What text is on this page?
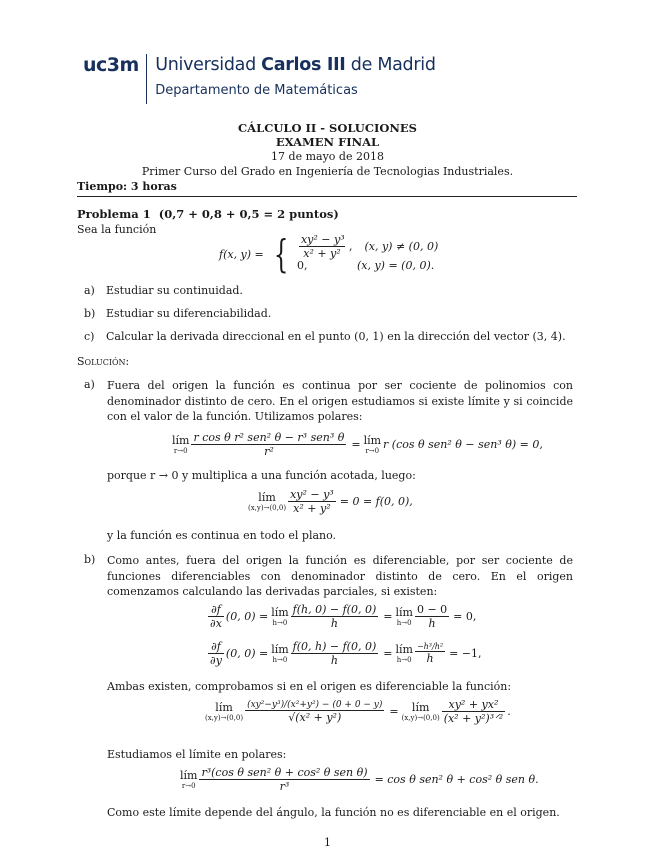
uc3m Universidad Carlos III de Madrid
Departamento de Matemáticas
CÁLCULO II - SOLUCIONES
EXAMEN FINAL
17 de mayo de 2018
Primer Curso del Grado en Ingeniería de Tecnologias Industriales.
Tiempo: 3 horas
Problema 1 (0,7 + 0,8 + 0,5 = 2 puntos)
Sea la función
f(x, y) = { $\frac{\text{xy² − y³}}{\text{x² + y²}}$ , (x, y) ≠ (0, 0)
0,	(x, y) = (0, 0).
a) Estudiar su continuidad.
b) Estudiar su diferenciabilidad.
c) Calcular la derivada direccional en el punto (0, 1) en la dirección del vector (3, 4).
Solución:
a) Fuera del origen la función es continua por ser cociente de polinomios con denominador distinto de cero. En el origen estudiamos si existe límite y si coincide con el valor de la función. Utilizamos polares:
lím
$r\to 0 \frac{\text{r cos θ r² sen² θ − r³ sen³ θ}}{\text{r²}}$ = lím
r→0 r (cos θ sen² θ − sen³ θ) = 0,
porque r → 0 y multiplica a una función acotada, luego:
lím
$(x,y)\to(0,0) \frac{\text{xy² − y³}}{\text{x² + y²}} = 0 = f(0$, 0),
y la función es continua en todo el plano.
b) Como antes, fuera del origen la función es diferenciable, por ser cociente de funciones diferenciables con denominador distinto de cero. En el origen comenzamos calculando las derivadas parciales, si existen:
$\frac{\partial f}{\partial x} (0$, 0) = lím
$h\to 0 \frac{f(h, 0) - f(0, 0)}{h}$ = lím
$h\to 0 \frac{0 - 0}{h} = 0$,
$\frac{\partial f}{\partial y} (0$, 0) = lím
$h\to 0 \frac{f(0, h) - f(0, 0)}{h}$ = lím
$h\to 0 \frac{\text{−h³/h²}}{h} = -1$,
Ambas existen, comprobamos si en el origen es diferenciable la función:
lím
$(x,y)\to(0,0) \frac{\text{(xy²−y³)/(x²+y²) − (0 + 0 − y)}}{\text{√(x² + y²)}}$ =	lím
$(x,y)\to(0,0) \frac{\text{xy² + yx²}}{\text{(x² + y²)³ᐟ²}}$ .
Estudiamos el límite en polares:
lím
$r\to 0 \frac{\text{r³(cos θ sen² θ + cos² θ sen θ)}}{\text{r³}} = \cos \theta$ sen² θ + cos² θ sen θ.
Como este límite depende del ángulo, la función no es diferenciable en el origen.
1
